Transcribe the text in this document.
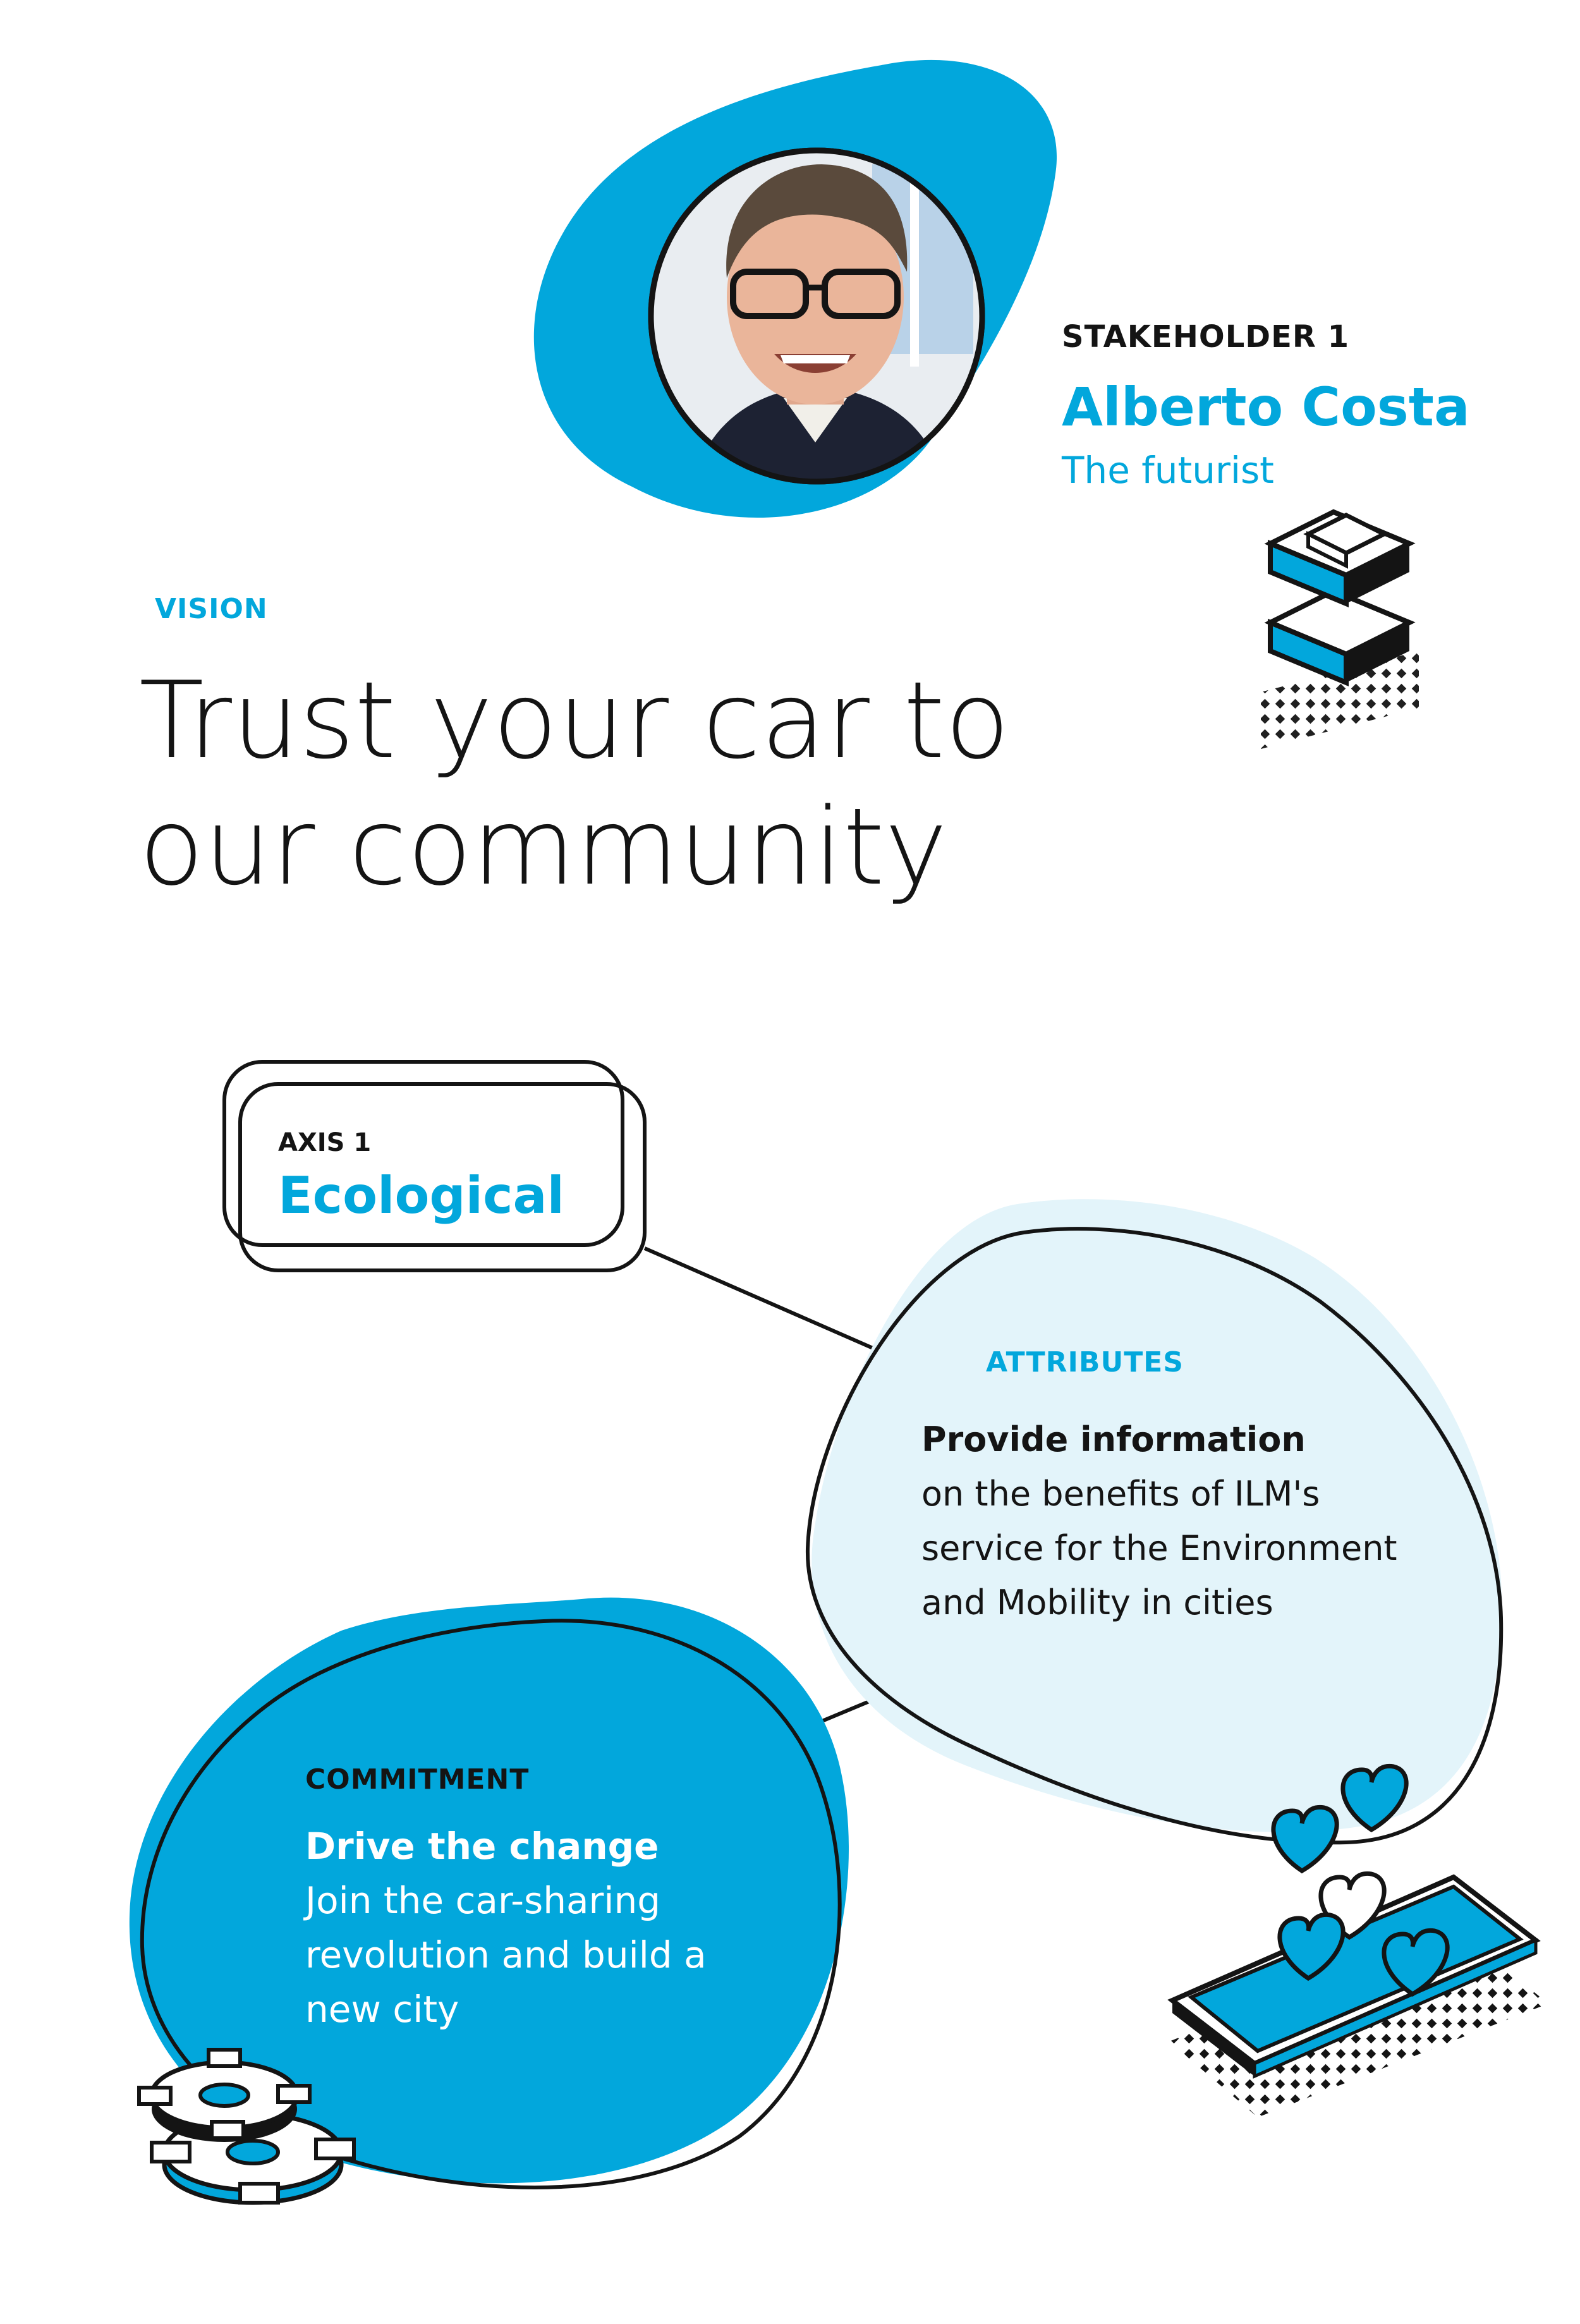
STAKEHOLDER 1
Alberto Costa
The futurist
VISION
Trust your car to our community
AXIS 1
Ecological
ATTRIBUTES
Provide information
on the benefits of ILM's service for the Environment and Mobility in cities
COMMITMENT
Drive the change
Join the car-sharing revolution and build a new city
